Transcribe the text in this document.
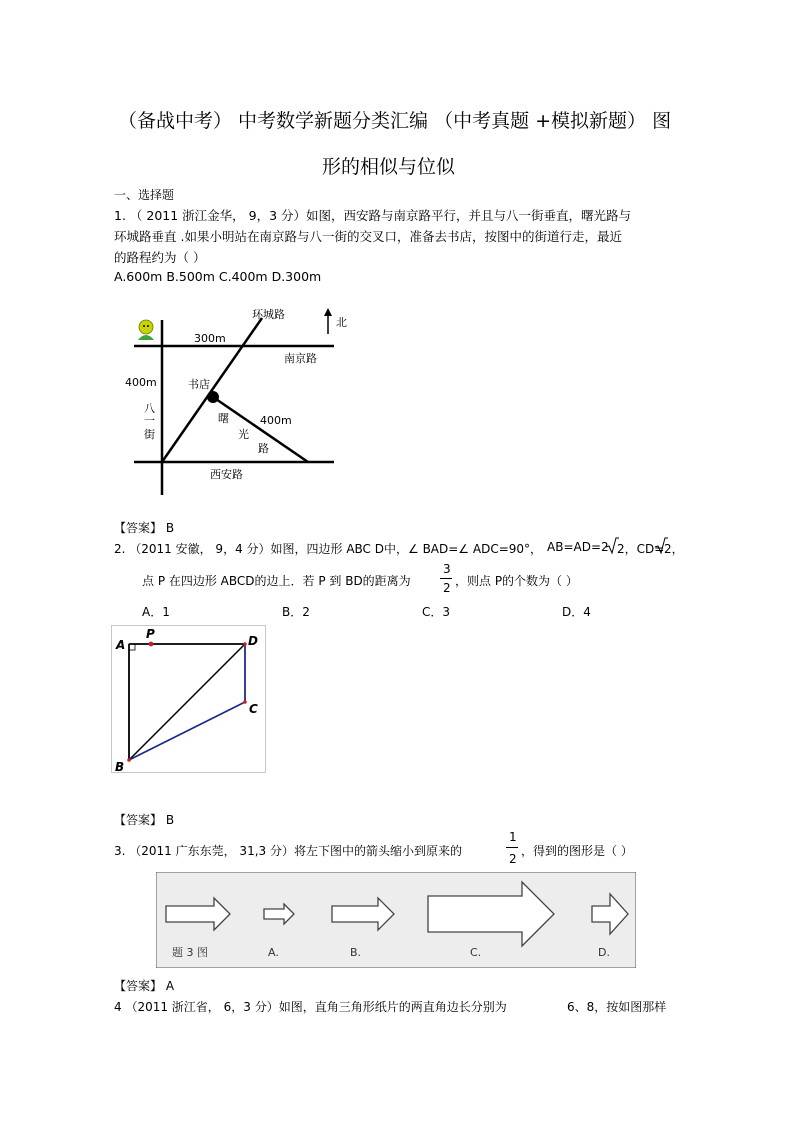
（备战中考） 中考数学新题分类汇编 （中考真题 +模拟新题） 图
形的相似与位似
一、选择题
1. （ 2011 浙江金华， 9，3 分）如图，西安路与南京路平行，并且与八一街垂直，曙光路与
环城路垂直 .如果小明站在南京路与八一街的交叉口，准备去书店，按图中的街道行走，最近
的路程约为（ ）
A.600m B.500m C.400m D.300m
环城路
北
300m
南京路
400m	书店
八
一
街
曙
光
路
400m
西安路
【答案】 B
2. （2011 安徽， 9，4 分）如图，四边形 ABC D中，∠ BAD=∠ ADC=90°， AB=AD=2 2，CD= 2，
点 P 在四边形 ABCD的边上．若 P 到 BD的距离为
3
2 ，则点 P的个数为（ ）
A．1	B．2	C．3	D．4
A
P	D
C
B
【答案】 B
3. （2011 广东东莞， 31,3 分）将左下图中的箭头缩小到原来的
1
2
，得到的图形是（ ）
题 3 图	A.	B.	C.	D.
【答案】 A
4 （2011 浙江省， 6，3 分）如图，直角三角形纸片的两直角边长分别为	6、8，按如图那样
